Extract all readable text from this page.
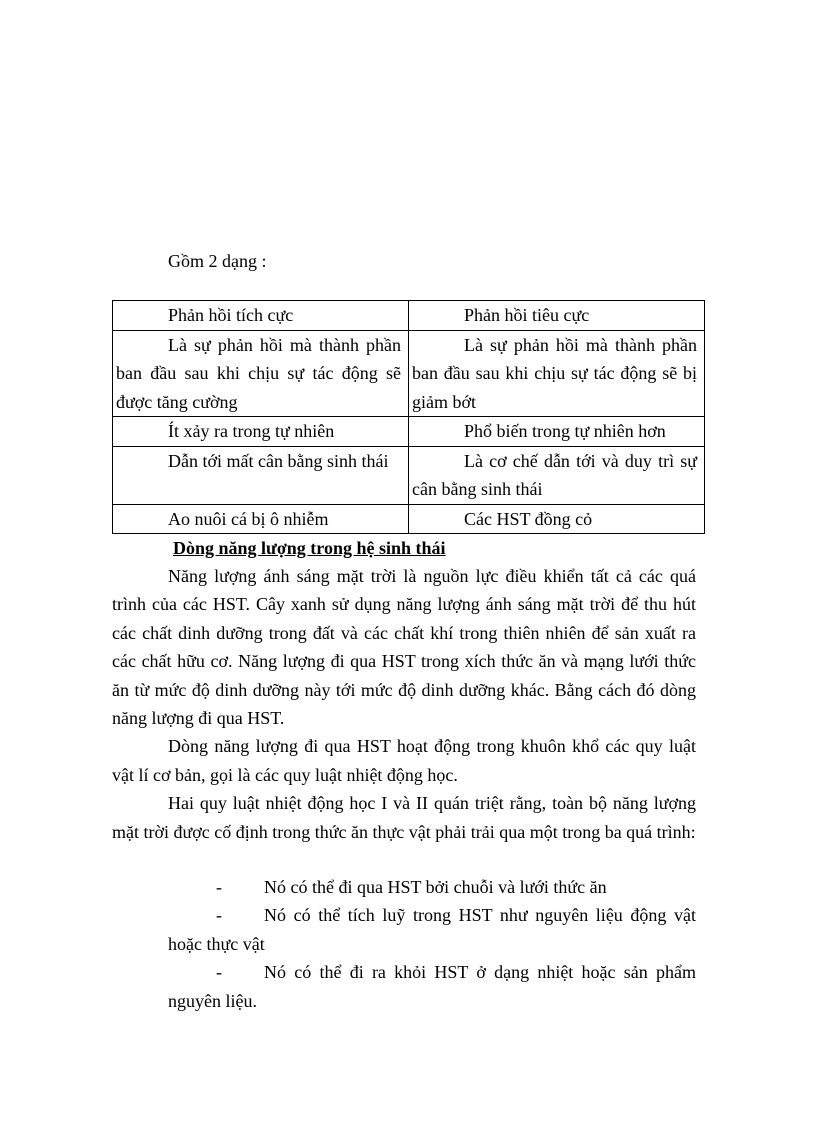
Gồm 2 dạng :

Phản hồi tích cực	Phản hồi tiêu cực
Là sự phản hồi mà thành phần ban đầu sau khi chịu sự tác động sẽ được tăng cường	Là sự phản hồi mà thành phần ban đầu sau khi chịu sự tác động sẽ bị giảm bớt
Ít xảy ra trong tự nhiên	Phổ biến trong tự nhiên hơn
Dẫn tới mất cân bằng sinh thái	Là cơ chế dẫn tới và duy trì sự cân bằng sinh thái
Ao nuôi cá bị ô nhiễm	Các HST đồng cỏ

Dòng năng lượng trong hệ sinh thái

Năng lượng ánh sáng mặt trời là nguồn lực điều khiển tất cả các quá trình của các HST. Cây xanh sử dụng năng lượng ánh sáng mặt trời để thu hút các chất dinh dưỡng trong đất và các chất khí trong thiên nhiên để sản xuất ra các chất hữu cơ. Năng lượng đi qua HST trong xích thức ăn và mạng lưới thức ăn từ mức độ dinh dưỡng này tới mức độ dinh dưỡng khác. Bằng cách đó dòng năng lượng đi qua HST.

Dòng năng lượng đi qua HST hoạt động trong khuôn khổ các quy luật vật lí cơ bản, gọi là các quy luật nhiệt động học.

Hai quy luật nhiệt động học I và II quán triệt rằng, toàn bộ năng lượng mặt trời được cố định trong thức ăn thực vật phải trải qua một trong ba quá trình:

- Nó có thể đi qua HST bởi chuỗi và lưới thức ăn

- Nó có thể tích luỹ trong HST như nguyên liệu động vật hoặc thực vật

- Nó có thể đi ra khỏi HST ở dạng nhiệt hoặc sản phẩm nguyên liệu.
